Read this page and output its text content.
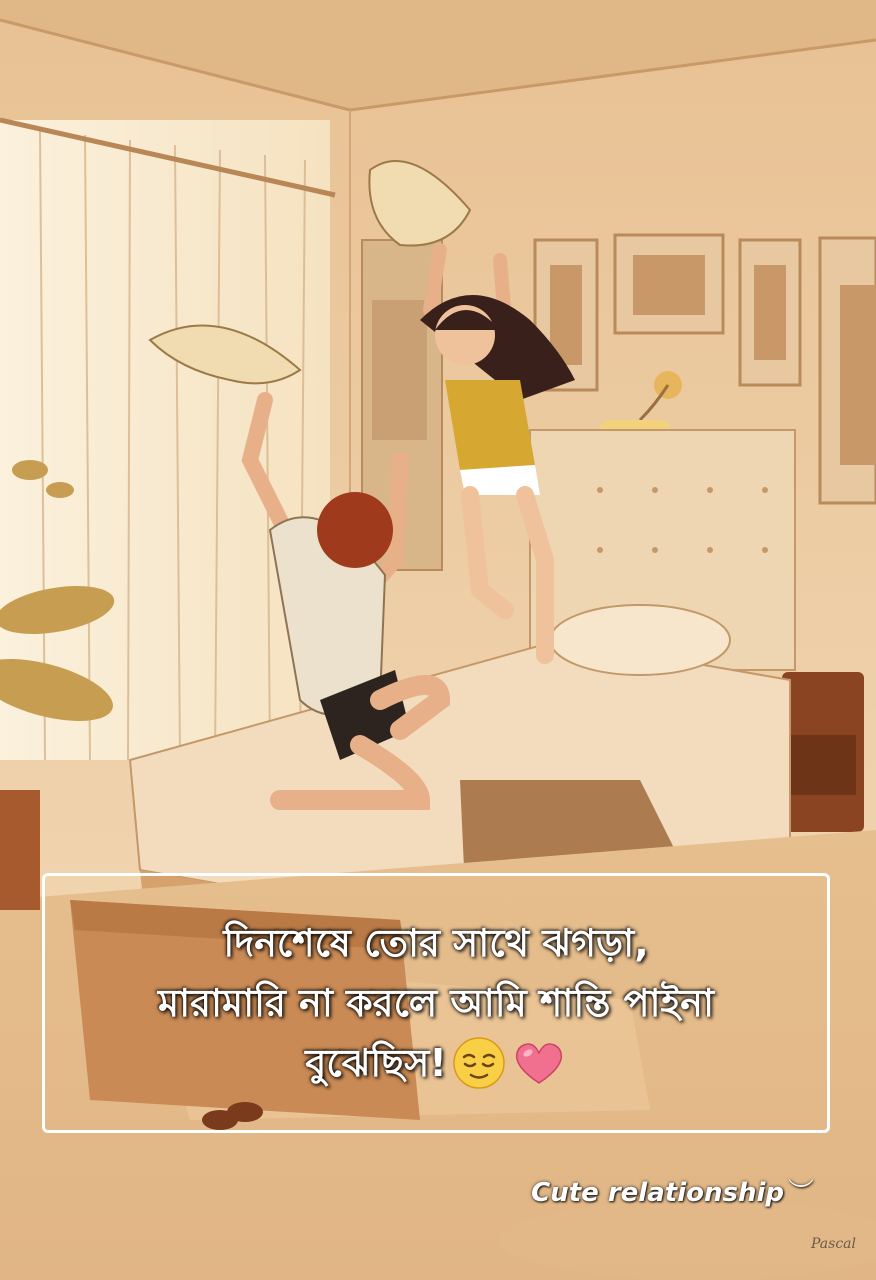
দিনশেষে তোর সাথে ঝগড়া,
মারামারি না করলে আমি শান্তি পাইনা
বুঝেছিস!
Cute relationship ︶
Pascal
